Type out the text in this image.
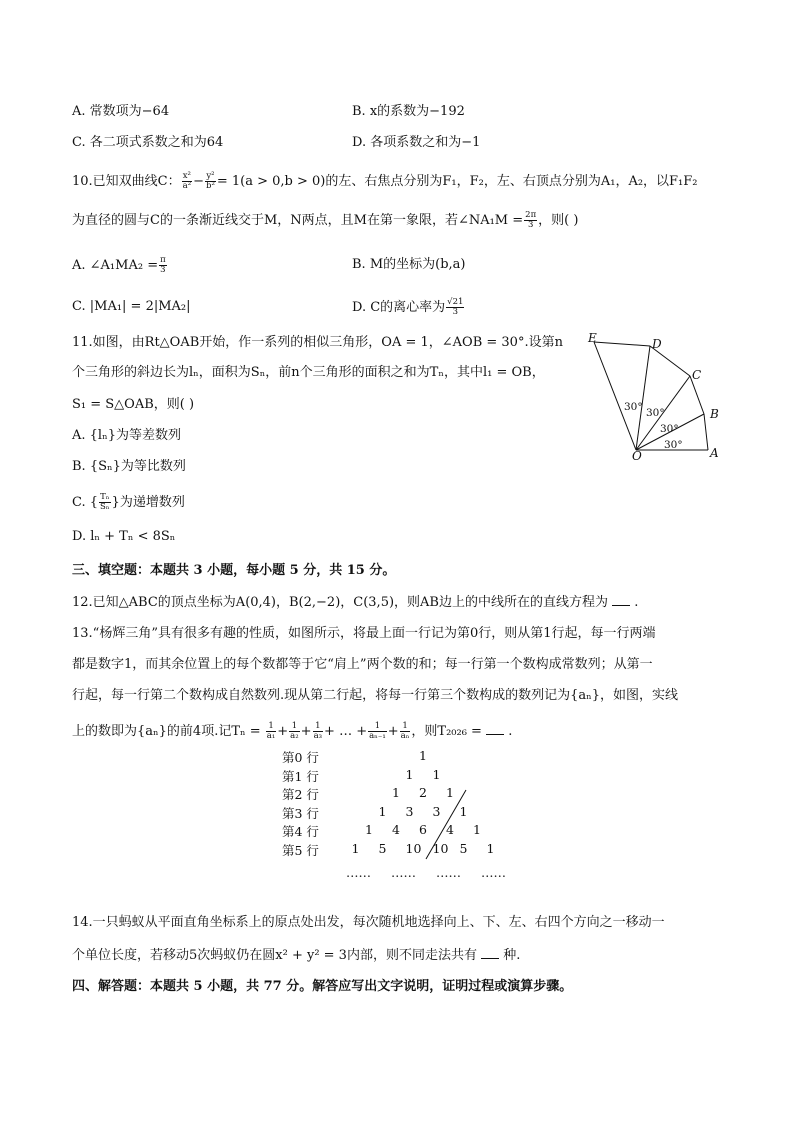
A. 常数项为−64	B. x的系数为−192
C. 各二项式系数之和为64	D. 各项系数之和为−1
10.已知双曲线C： $\frac{\text{x²}}{\text{a²}} - \frac{\text{y²}}{\text{b²}} = 1(a > 0,b > 0)$的左、右焦点分别为F₁，F₂，左、右顶点分别为A₁，A₂，以F₁F₂
为直径的圆与C的一条渐近线交于M，N两点，且M在第一象限，若∠NA₁M = $\frac{2\pi}{3}$ ，则( )
A. ∠A₁MA₂ = $\frac{\pi}{3}$	B. M的坐标为(b,a)
C. |MA₁| = 2|MA₂|	D. C的离心率为 $\frac{√21}{3}$
11.如图，由Rt△OAB开始，作一系列的相似三角形，OA = 1，∠AOB = 30°.设第n
个三角形的斜边长为lₙ，面积为Sₙ，前n个三角形的面积之和为Tₙ，其中l₁ = OB，
S₁ = S△OAB，则( )
A. {lₙ}为等差数列
B. {Sₙ}为等比数列
C. { $\frac{\text{Tₙ}}{\text{Sₙ}}$ }为递增数列
D. lₙ + Tₙ < 8Sₙ
E	D
C
B
A
O
30°
30°
30°
30°
三、填空题：本题共 3 小题，每小题 5 分，共 15 分。
12.已知△ABC的顶点坐标为A(0,4)，B(2,−2)，C(3,5)，则AB边上的中线所在的直线方程为 .
13.“杨辉三角”具有很多有趣的性质，如图所示，将最上面一行记为第0行，则从第1行起，每一行两端
都是数字1，而其余位置上的每个数都等于它“肩上”两个数的和；每一行第一个数构成常数列；从第一
行起，每一行第二个数构成自然数列.现从第二行起，将每一行第三个数构成的数列记为{aₙ}，如图，实线
上的数即为{aₙ}的前4项.记$T_n = \frac{1}{\text{a₁}} + \frac{1}{\text{a₂}} + \frac{1}{\text{a₃}}$ + … + $\frac{1}{\text{aₙ₋₁}} + \frac{1}{\text{aₙ}}$ ，则T₂₀₂₆ = .
第0 行	1
第1 行	1 1
第2 行	1 2 1
第3 行	1 3 3 1
第4 行	1 4 6 4 1
第5 行	1 5 10 10 5 1
…… …… …… ……
14.一只蚂蚁从平面直角坐标系上的原点处出发，每次随机地选择向上、下、左、右四个方向之一移动一
个单位长度，若移动5次蚂蚁仍在圆x² + y² = 3内部，则不同走法共有 种.
四、解答题：本题共 5 小题，共 77 分。解答应写出文字说明，证明过程或演算步骤。
